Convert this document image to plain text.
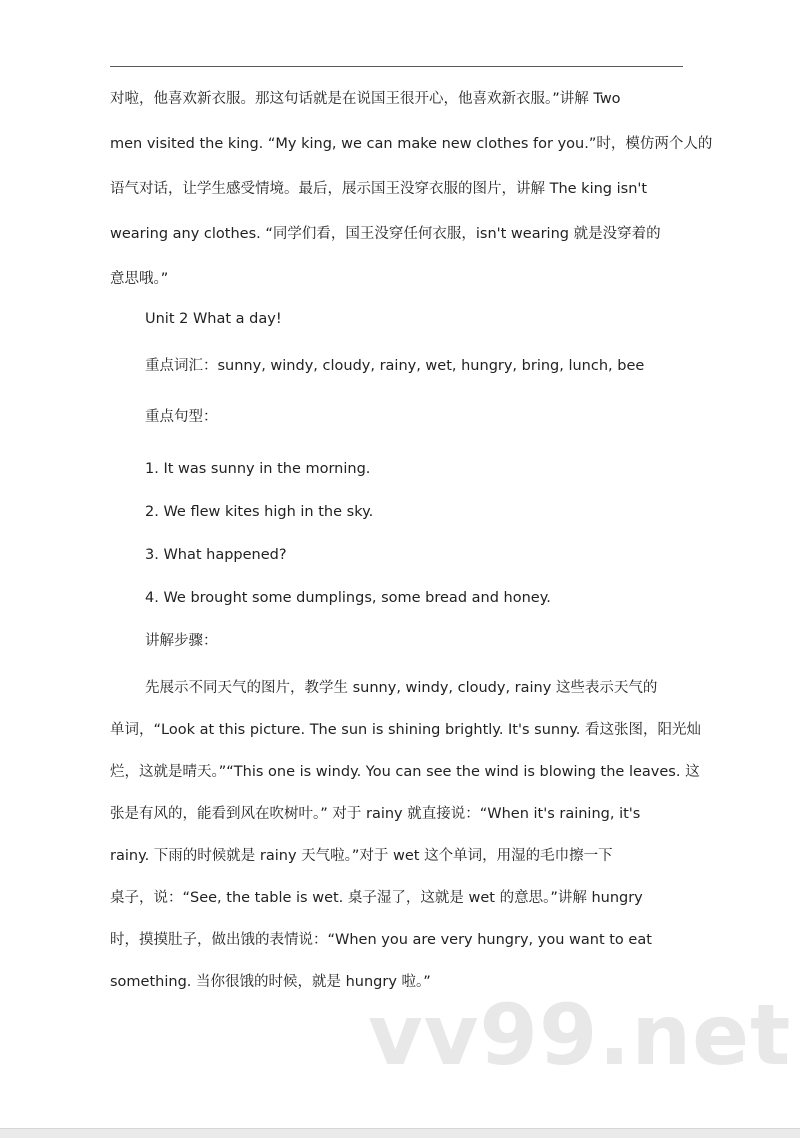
对啦，他喜欢新衣服。那这句话就是在说国王很开心，他喜欢新衣服。”讲解 Two
men visited the king. “My king, we can make new clothes for you.”时，模仿两个人的
语气对话，让学生感受情境。最后，展示国王没穿衣服的图片，讲解 The king isn't
wearing any clothes. “同学们看，国王没穿任何衣服，isn't wearing 就是没穿着的
意思哦。”

Unit 2 What a day!
重点词汇：sunny, windy, cloudy, rainy, wet, hungry, bring, lunch, bee
重点句型：
1. It was sunny in the morning.
2. We flew kites high in the sky.
3. What happened?
4. We brought some dumplings, some bread and honey.
讲解步骤：

先展示不同天气的图片，教学生 sunny, windy, cloudy, rainy 这些表示天气的
单词，“Look at this picture. The sun is shining brightly. It's sunny. 看这张图，阳光灿
烂，这就是晴天。”“This one is windy. You can see the wind is blowing the leaves. 这
张是有风的，能看到风在吹树叶。” 对于 rainy 就直接说：“When it's raining, it's
rainy. 下雨的时候就是 rainy 天气啦。”对于 wet 这个单词，用湿的毛巾擦一下
桌子，说：“See, the table is wet. 桌子湿了，这就是 wet 的意思。”讲解 hungry
时，摸摸肚子，做出饿的表情说：“When you are very hungry, you want to eat
something. 当你很饿的时候，就是 hungry 啦。”

vv99.net
